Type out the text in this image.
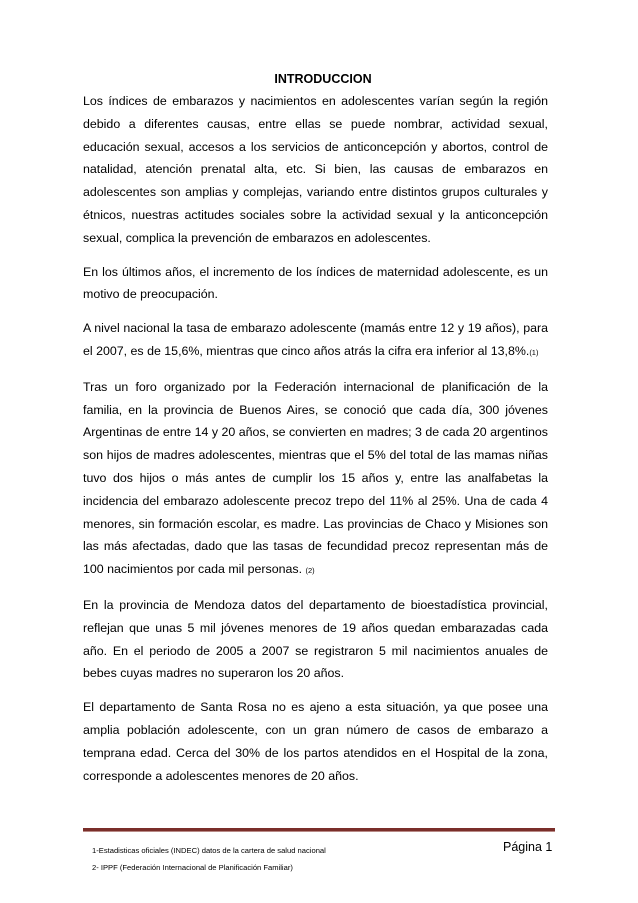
INTRODUCCION

Los índices de embarazos y nacimientos en adolescentes varían según la región debido a diferentes causas, entre ellas se puede nombrar, actividad sexual, educación sexual, accesos a los servicios de anticoncepción y abortos, control de natalidad, atención prenatal alta, etc. Si bien, las causas de embarazos en adolescentes son amplias y complejas, variando entre distintos grupos culturales y étnicos, nuestras actitudes sociales sobre la actividad sexual y la anticoncepción sexual, complica la prevención de embarazos en adolescentes.

En los últimos años, el incremento de los índices de maternidad adolescente, es un motivo de preocupación.

A nivel nacional la tasa de embarazo adolescente (mamás entre 12 y 19 años), para el 2007, es de 15,6%, mientras que cinco años atrás la cifra era inferior al 13,8%.(1)

Tras un foro organizado por la Federación internacional de planificación de la familia, en la provincia de Buenos Aires, se conoció que cada día, 300 jóvenes Argentinas de entre 14 y 20 años, se convierten en madres; 3 de cada 20 argentinos son hijos de madres adolescentes, mientras que el 5% del total de las mamas niñas tuvo dos hijos o más antes de cumplir los 15 años y, entre las analfabetas la incidencia del embarazo adolescente precoz trepo del 11% al 25%. Una de cada 4 menores, sin formación escolar, es madre. Las provincias de Chaco y Misiones son las más afectadas, dado que las tasas de fecundidad precoz representan más de 100 nacimientos por cada mil personas. (2)

En la provincia de Mendoza datos del departamento de bioestadística provincial, reflejan que unas 5 mil jóvenes menores de 19 años quedan embarazadas cada año. En el periodo de 2005 a 2007 se registraron 5 mil nacimientos anuales de bebes cuyas madres no superaron los 20 años.

El departamento de Santa Rosa no es ajeno a esta situación, ya que posee una amplia población adolescente, con un gran número de casos de embarazo a temprana edad. Cerca del 30% de los partos atendidos en el Hospital de la zona, corresponde a adolescentes menores de 20 años.

1-Estadisticas oficiales (INDEC) datos de la cartera de salud nacional
2- IPPF (Federación Internacional de Planificación Familiar)
Página 1
